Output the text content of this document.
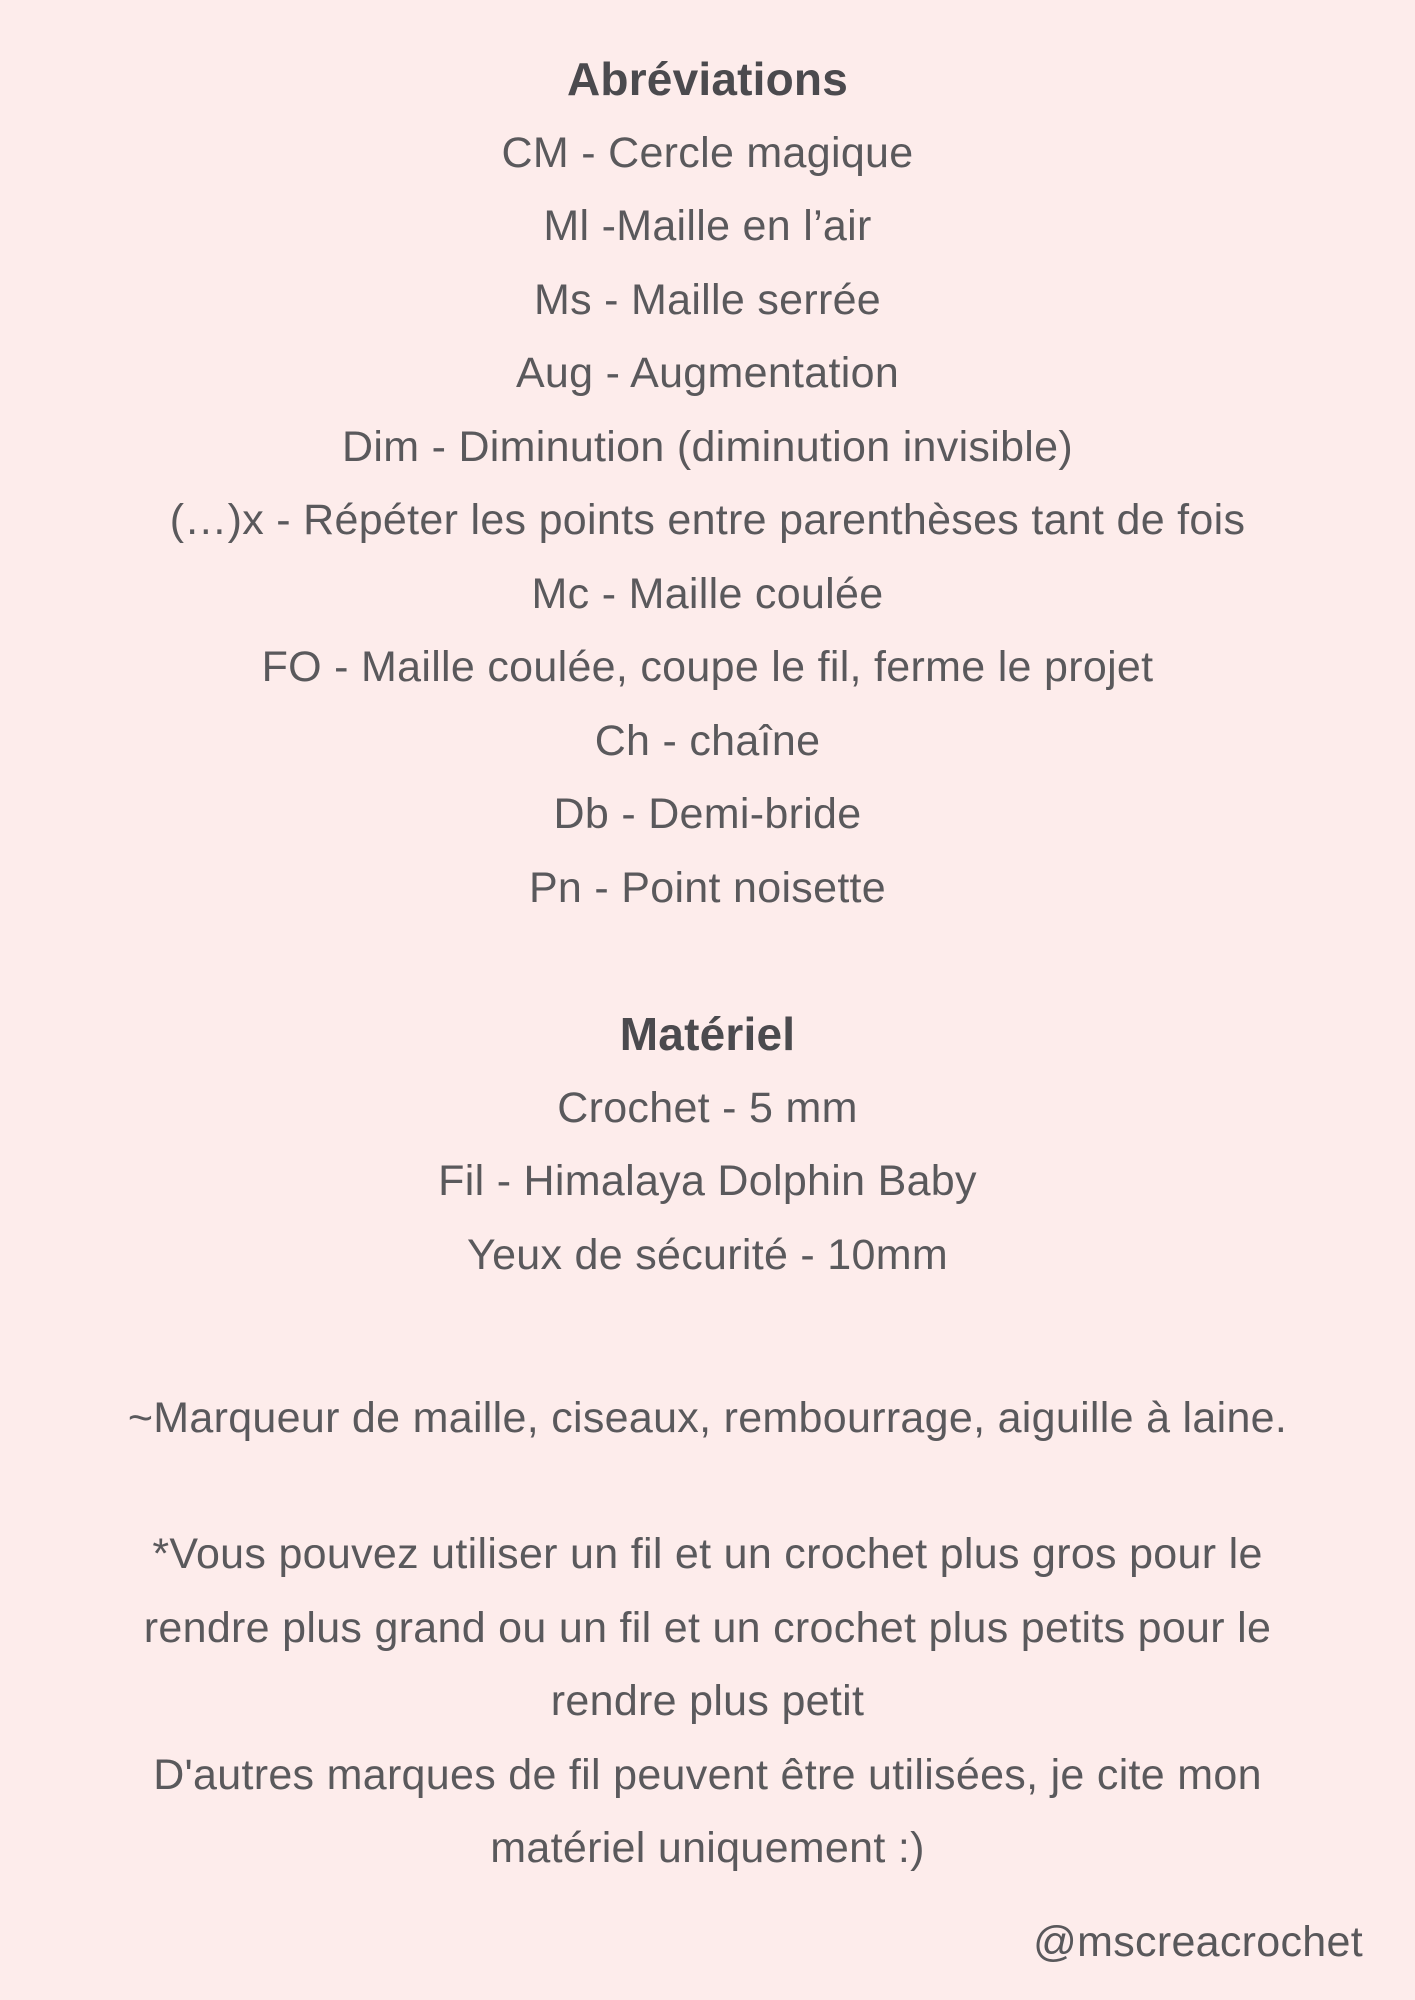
Abréviations
CM - Cercle magique
Ml -Maille en l’air
Ms - Maille serrée
Aug - Augmentation
Dim - Diminution (diminution invisible)
(…)x - Répéter les points entre parenthèses tant de fois
Mc - Maille coulée
FO - Maille coulée, coupe le fil, ferme le projet
Ch - chaîne
Db - Demi-bride
Pn - Point noisette
Matériel
Crochet - 5 mm
Fil - Himalaya Dolphin Baby
Yeux de sécurité - 10mm
~Marqueur de maille, ciseaux, rembourrage, aiguille à laine.
*Vous pouvez utiliser un fil et un crochet plus gros pour le
rendre plus grand ou un fil et un crochet plus petits pour le
rendre plus petit
D'autres marques de fil peuvent être utilisées, je cite mon
matériel uniquement :)
@mscreacrochet
